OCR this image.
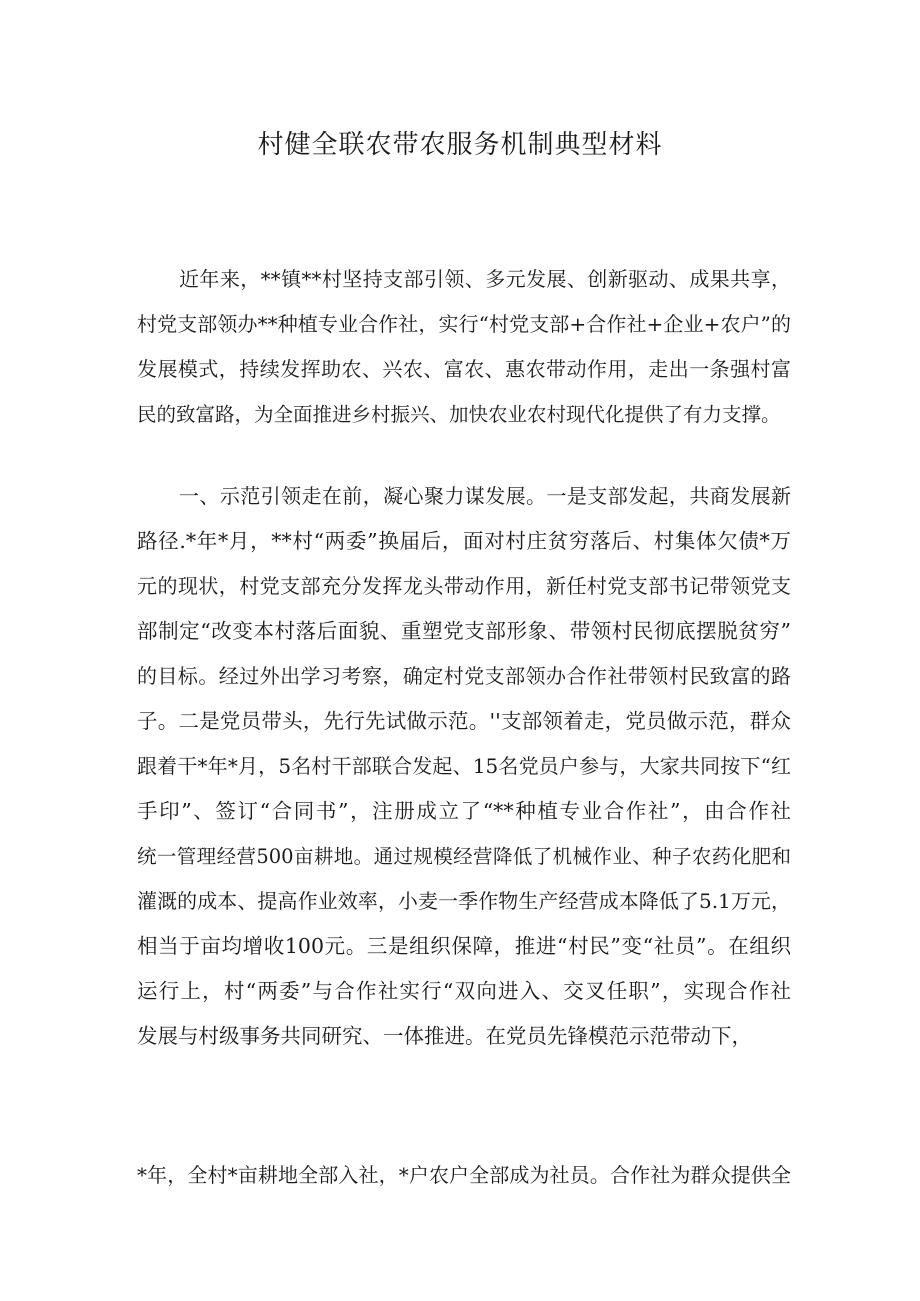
村健全联农带农服务机制典型材料
近年来，**镇**村坚持支部引领、多元发展、创新驱动、成果共享，
村党支部领办**种植专业合作社，实行“村党支部+合作社+企业+农户”的
发展模式，持续发挥助农、兴农、富农、惠农带动作用，走出一条强村富
民的致富路，为全面推进乡村振兴、加快农业农村现代化提供了有力支撑。
一、示范引领走在前，凝心聚力谋发展。一是支部发起，共商发展新
路径.*年*月，**村“两委”换届后，面对村庄贫穷落后、村集体欠债*万
元的现状，村党支部充分发挥龙头带动作用，新任村党支部书记带领党支
部制定“改变本村落后面貌、重塑党支部形象、带领村民彻底摆脱贫穷”
的目标。经过外出学习考察，确定村党支部领办合作社带领村民致富的路
子。二是党员带头，先行先试做示范。''支部领着走，党员做示范，群众
跟着干*年*月，5名村干部联合发起、15名党员户参与，大家共同按下“红
手印”、签订“合同书”，注册成立了“**种植专业合作社”，由合作社
统一管理经营500亩耕地。通过规模经营降低了机械作业、种子农药化肥和
灌溉的成本、提高作业效率，小麦一季作物生产经营成本降低了5.1万元，
相当于亩均增收100元。三是组织保障，推进“村民”变“社员”。在组织
运行上，村“两委”与合作社实行“双向进入、交叉任职”，实现合作社
发展与村级事务共同研究、一体推进。在党员先锋模范示范带动下，
*年，全村*亩耕地全部入社，*户农户全部成为社员。合作社为群众提供全
